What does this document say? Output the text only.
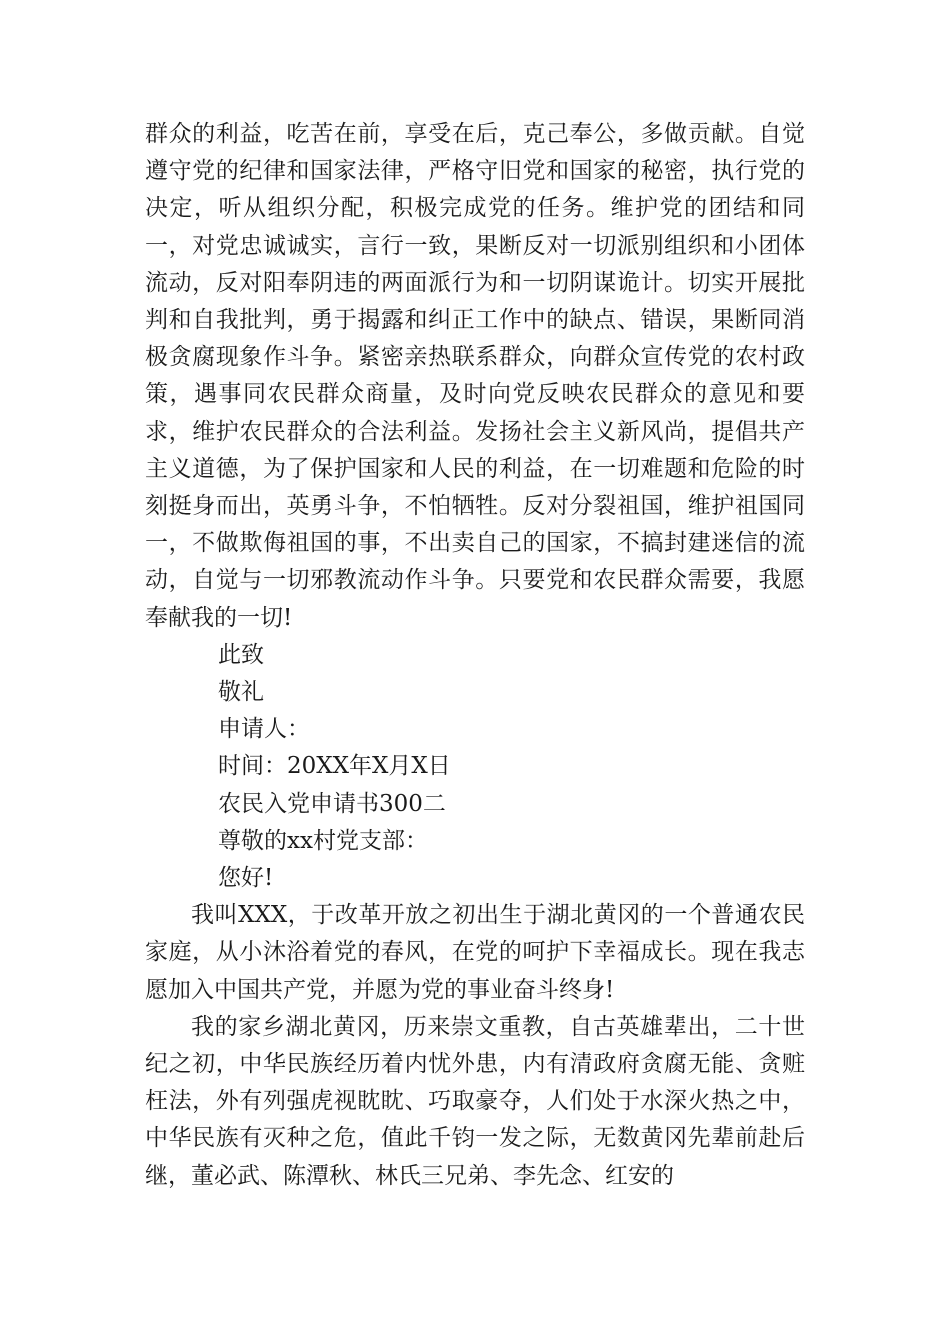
群众的利益，吃苦在前，享受在后，克己奉公，多做贡献。自觉遵守党的纪律和国家法律，严格守旧党和国家的秘密，执行党的决定，听从组织分配，积极完成党的任务。维护党的团结和同一，对党忠诚诚实，言行一致，果断反对一切派别组织和小团体流动，反对阳奉阴违的两面派行为和一切阴谋诡计。切实开展批判和自我批判，勇于揭露和纠正工作中的缺点、错误，果断同消极贪腐现象作斗争。紧密亲热联系群众，向群众宣传党的农村政策，遇事同农民群众商量，及时向党反映农民群众的意见和要求，维护农民群众的合法利益。发扬社会主义新风尚，提倡共产主义道德，为了保护国家和人民的利益，在一切难题和危险的时刻挺身而出，英勇斗争，不怕牺牲。反对分裂祖国，维护祖国同一，不做欺侮祖国的事，不出卖自己的国家，不搞封建迷信的流动，自觉与一切邪教流动作斗争。只要党和农民群众需要，我愿奉献我的一切!

此致

敬礼

申请人：

时间：20XX年X月X日

农民入党申请书300二

尊敬的xx村党支部：

您好!

我叫XXX，于改革开放之初出生于湖北黄冈的一个普通农民家庭，从小沐浴着党的春风，在党的呵护下幸福成长。现在我志愿加入中国共产党，并愿为党的事业奋斗终身!

我的家乡湖北黄冈，历来崇文重教，自古英雄辈出，二十世纪之初，中华民族经历着内忧外患，内有清政府贪腐无能、贪赃枉法，外有列强虎视眈眈、巧取豪夺，人们处于水深火热之中，中华民族有灭种之危，值此千钧一发之际，无数黄冈先辈前赴后继，董必武、陈潭秋、林氏三兄弟、李先念、红安的
